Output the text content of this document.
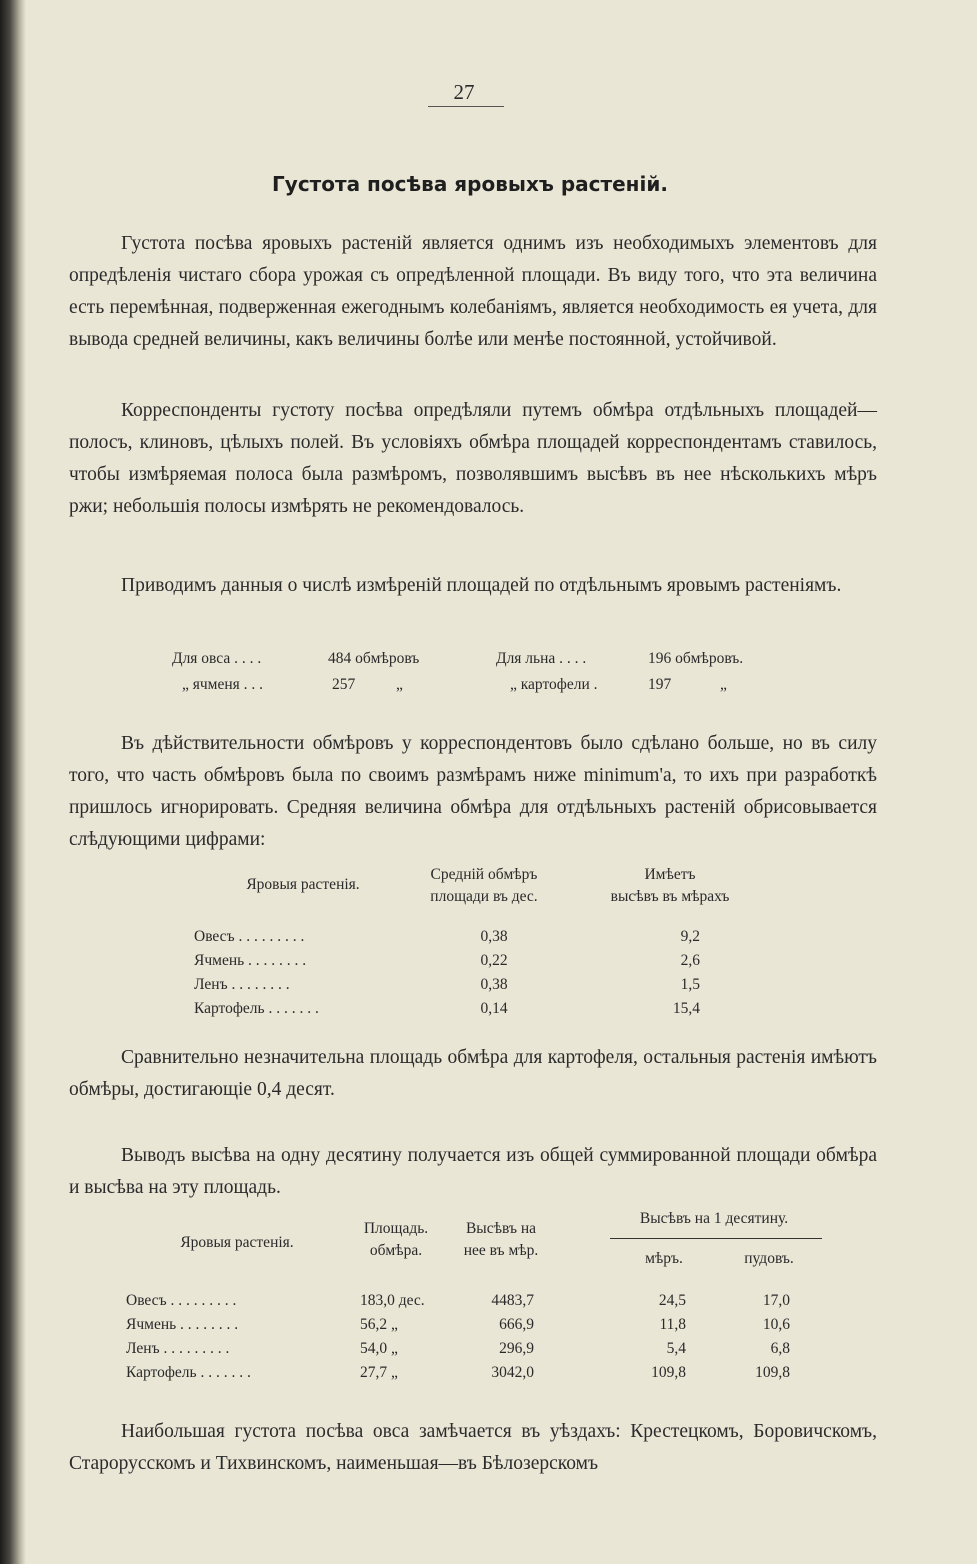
27
Густота посѣва яровыхъ растеній.

Густота посѣва яровыхъ растеній является однимъ изъ необходимыхъ элементовъ для опредѣленія чистаго сбора урожая съ опредѣленной площади. Въ виду того, что эта величина есть перемѣнная, подверженная ежегоднымъ колебаніямъ, является необходимость ея учета, для вывода средней величины, какъ величины болѣе или менѣе постоянной, устойчивой.

Корреспонденты густоту посѣва опредѣляли путемъ обмѣра отдѣльныхъ площадей—полосъ, клиновъ, цѣлыхъ полей. Въ условіяхъ обмѣра площадей корреспондентамъ ставилось, чтобы измѣряемая полоса была размѣромъ, позволявшимъ высѣвъ въ нее нѣсколькихъ мѣръ ржи; небольшія полосы измѣрять не рекомендовалось.

Приводимъ данныя о числѣ измѣреній площадей по отдѣльнымъ яровымъ растеніямъ.

Для овса . . . .	484 обмѣровъ
„ ячменя . . .	257	„
Для льна . . . .	196 обмѣровъ.
„ картофели .	197	„

Въ дѣйствительности обмѣровъ у корреспондентовъ было сдѣлано больше, но въ силу того, что часть обмѣровъ была по своимъ размѣрамъ ниже minimum'а, то ихъ при разработкѣ пришлось игнорировать. Средняя величина обмѣра для отдѣльныхъ растеній обрисовывается слѣдующими цифрами:

Яровыя растенія.
Средній обмѣръ
площади въ дес.
Имѣетъ
высѣвъ въ мѣрахъ
Овесъ . . . . . . . . .	0,38	9,2
Ячмень . . . . . . . .	0,22	2,6
Ленъ . . . . . . . .	0,38	1,5
Картофель . . . . . . .	0,14	15,4

Сравнительно незначительна площадь обмѣра для картофеля, остальныя растенія имѣютъ обмѣры, достигающіе 0,4 десят.

Выводъ высѣва на одну десятину получается изъ общей суммированной площади обмѣра и высѣва на эту площадь.

Яровыя растенія.
Площадь.
обмѣра.
Высѣвъ на
нее въ мѣр.
Высѣвъ на 1 десятину.
мѣръ.	пудовъ.
Овесъ . . . . . . . . .	183,0 дес.	4483,7	24,5	17,0
Ячмень . . . . . . . .	56,2 „	666,9	11,8	10,6
Ленъ . . . . . . . . .	54,0 „	296,9	5,4	6,8
Картофель . . . . . . .	27,7 „	3042,0	109,8	109,8

Наибольшая густота посѣва овса замѣчается въ уѣздахъ: Крестецкомъ, Боровичскомъ, Старорусскомъ и Тихвинскомъ, наименьшая—въ Бѣлозерскомъ
